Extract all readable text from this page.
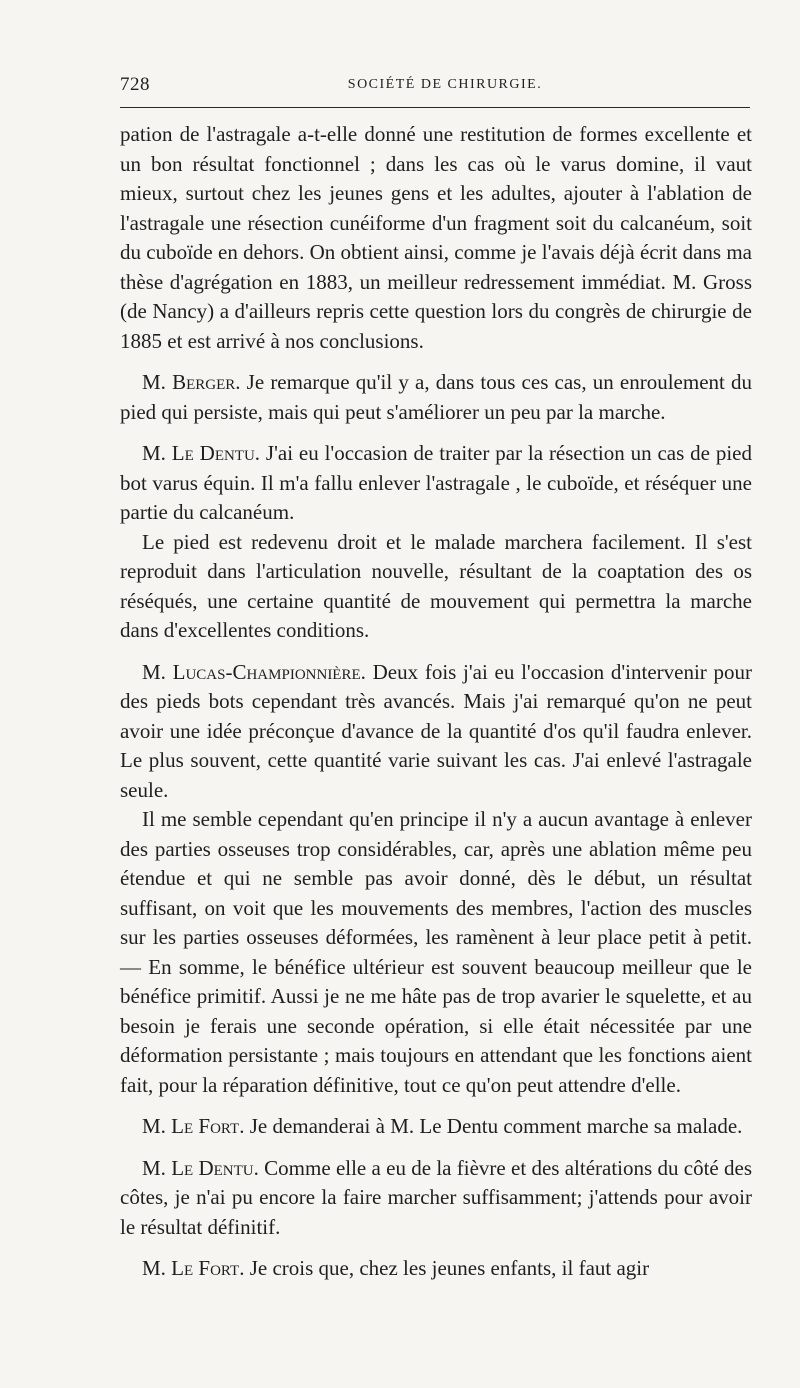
728	SOCIÉTÉ DE CHIRURGIE.

pation de l'astragale a-t-elle donné une restitution de formes excellente et un bon résultat fonctionnel ; dans les cas où le varus domine, il vaut mieux, surtout chez les jeunes gens et les adultes, ajouter à l'ablation de l'astragale une résection cunéiforme d'un fragment soit du calcanéum, soit du cuboïde en dehors. On obtient ainsi, comme je l'avais déjà écrit dans ma thèse d'agrégation en 1883, un meilleur redressement immédiat. M. Gross (de Nancy) a d'ailleurs repris cette question lors du congrès de chirurgie de 1885 et est arrivé à nos conclusions.

M. Berger. Je remarque qu'il y a, dans tous ces cas, un enroulement du pied qui persiste, mais qui peut s'améliorer un peu par la marche.

M. Le Dentu. J'ai eu l'occasion de traiter par la résection un cas de pied bot varus équin. Il m'a fallu enlever l'astragale , le cuboïde, et réséquer une partie du calcanéum.

Le pied est redevenu droit et le malade marchera facilement. Il s'est reproduit dans l'articulation nouvelle, résultant de la coaptation des os réséqués, une certaine quantité de mouvement qui permettra la marche dans d'excellentes conditions.

M. Lucas-Championnière. Deux fois j'ai eu l'occasion d'intervenir pour des pieds bots cependant très avancés. Mais j'ai remarqué qu'on ne peut avoir une idée préconçue d'avance de la quantité d'os qu'il faudra enlever. Le plus souvent, cette quantité varie suivant les cas. J'ai enlevé l'astragale seule.

Il me semble cependant qu'en principe il n'y a aucun avantage à enlever des parties osseuses trop considérables, car, après une ablation même peu étendue et qui ne semble pas avoir donné, dès le début, un résultat suffisant, on voit que les mouvements des membres, l'action des muscles sur les parties osseuses déformées, les ramènent à leur place petit à petit. — En somme, le bénéfice ultérieur est souvent beaucoup meilleur que le bénéfice primitif. Aussi je ne me hâte pas de trop avarier le squelette, et au besoin je ferais une seconde opération, si elle était nécessitée par une déformation persistante ; mais toujours en attendant que les fonctions aient fait, pour la réparation définitive, tout ce qu'on peut attendre d'elle.

M. Le Fort. Je demanderai à M. Le Dentu comment marche sa malade.

M. Le Dentu. Comme elle a eu de la fièvre et des altérations du côté des côtes, je n'ai pu encore la faire marcher suffisamment; j'attends pour avoir le résultat définitif.

M. Le Fort. Je crois que, chez les jeunes enfants, il faut agir
